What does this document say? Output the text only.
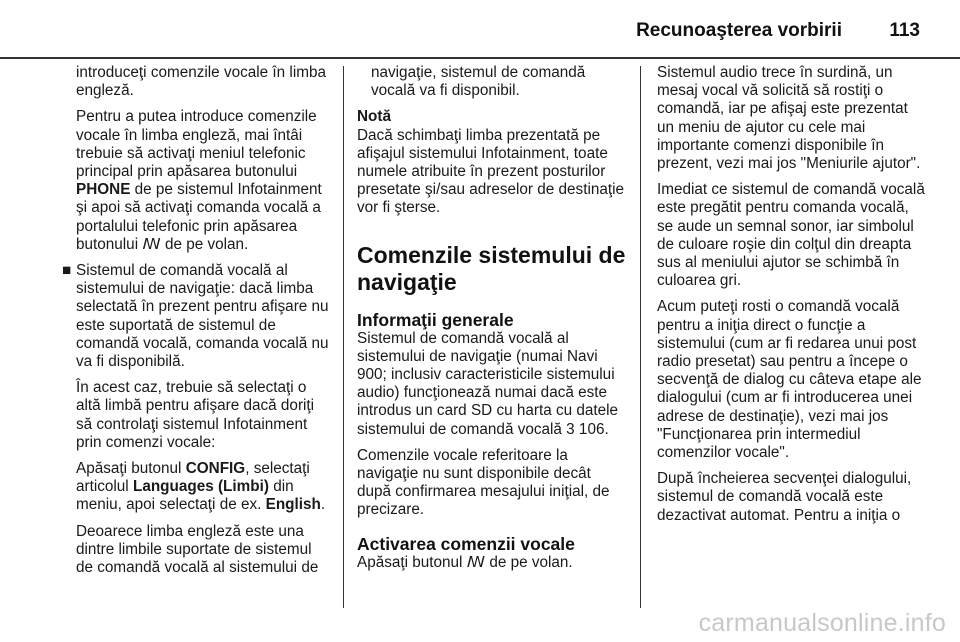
Recunoaşterea vorbirii 113

introduceţi comenzile vocale în limba engleză.

Pentru a putea introduce comenzile vocale în limba engleză, mai întâi trebuie să activaţi meniul telefonic principal prin apăsarea butonului PHONE de pe sistemul Infotainment şi apoi să activaţi comanda vocală a portalului telefonic prin apăsarea butonului ꟿ de pe volan.

■ Sistemul de comandă vocală al sistemului de navigaţie: dacă limba selectată în prezent pentru afişare nu este suportată de sistemul de comandă vocală, comanda vocală nu va fi disponibilă.

În acest caz, trebuie să selectaţi o altă limbă pentru afişare dacă doriţi să controlaţi sistemul Infotainment prin comenzi vocale:

Apăsaţi butonul CONFIG, selectaţi articolul Languages (Limbi) din meniu, apoi selectaţi de ex. English.

Deoarece limba engleză este una dintre limbile suportate de sistemul de comandă vocală al sistemului de

navigaţie, sistemul de comandă vocală va fi disponibil.

Notă

Dacă schimbaţi limba prezentată pe afişajul sistemului Infotainment, toate numele atribuite în prezent posturilor presetate şi/sau adreselor de destinaţie vor fi şterse.

Comenzile sistemului de navigaţie
Informaţii generale

Sistemul de comandă vocală al sistemului de navigaţie (numai Navi 900; inclusiv caracteristicile sistemului audio) funcţionează numai dacă este introdus un card SD cu harta cu datele sistemului de comandă vocală 3 106.

Comenzile vocale referitoare la navigaţie nu sunt disponibile decât după confirmarea mesajului iniţial, de precizare.

Activarea comenzii vocale

Apăsaţi butonul ꟿ de pe volan.

Sistemul audio trece în surdină, un mesaj vocal vă solicită să rostiţi o comandă, iar pe afişaj este prezentat un meniu de ajutor cu cele mai importante comenzi disponibile în prezent, vezi mai jos "Meniurile ajutor".

Imediat ce sistemul de comandă vocală este pregătit pentru comanda vocală, se aude un semnal sonor, iar simbolul de culoare roşie din colţul din dreapta sus al meniului ajutor se schimbă în culoarea gri.

Acum puteţi rosti o comandă vocală pentru a iniţia direct o funcţie a sistemului (cum ar fi redarea unui post radio presetat) sau pentru a începe o secvenţă de dialog cu câteva etape ale dialogului (cum ar fi introducerea unei adrese de destinaţie), vezi mai jos "Funcţionarea prin intermediul comenzilor vocale".

După încheierea secvenţei dialogului, sistemul de comandă vocală este dezactivat automat. Pentru a iniţia o

carmanualsonline.info
